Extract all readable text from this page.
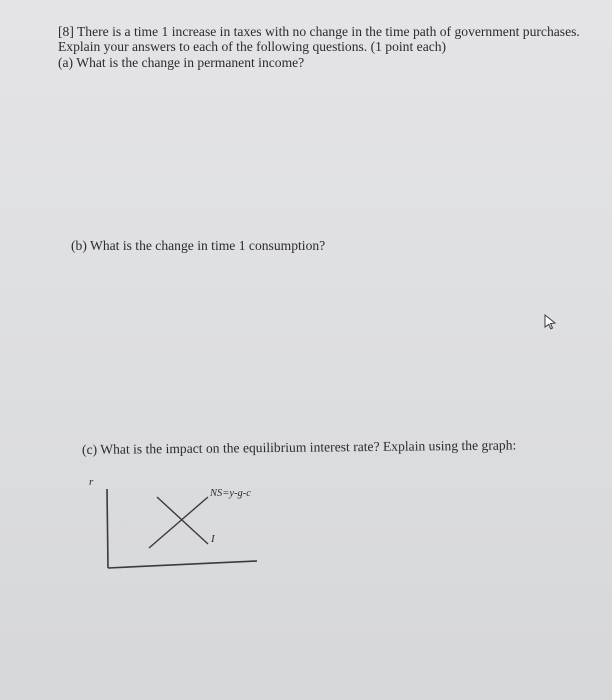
[8] There is a time 1 increase in taxes with no change in the time path of government purchases.
Explain your answers to each of the following questions. (1 point each)
(a) What is the change in permanent income?
(b) What is the change in time 1 consumption?
(c) What is the impact on the equilibrium interest rate? Explain using the graph:
r
NS=y-g-c
I
